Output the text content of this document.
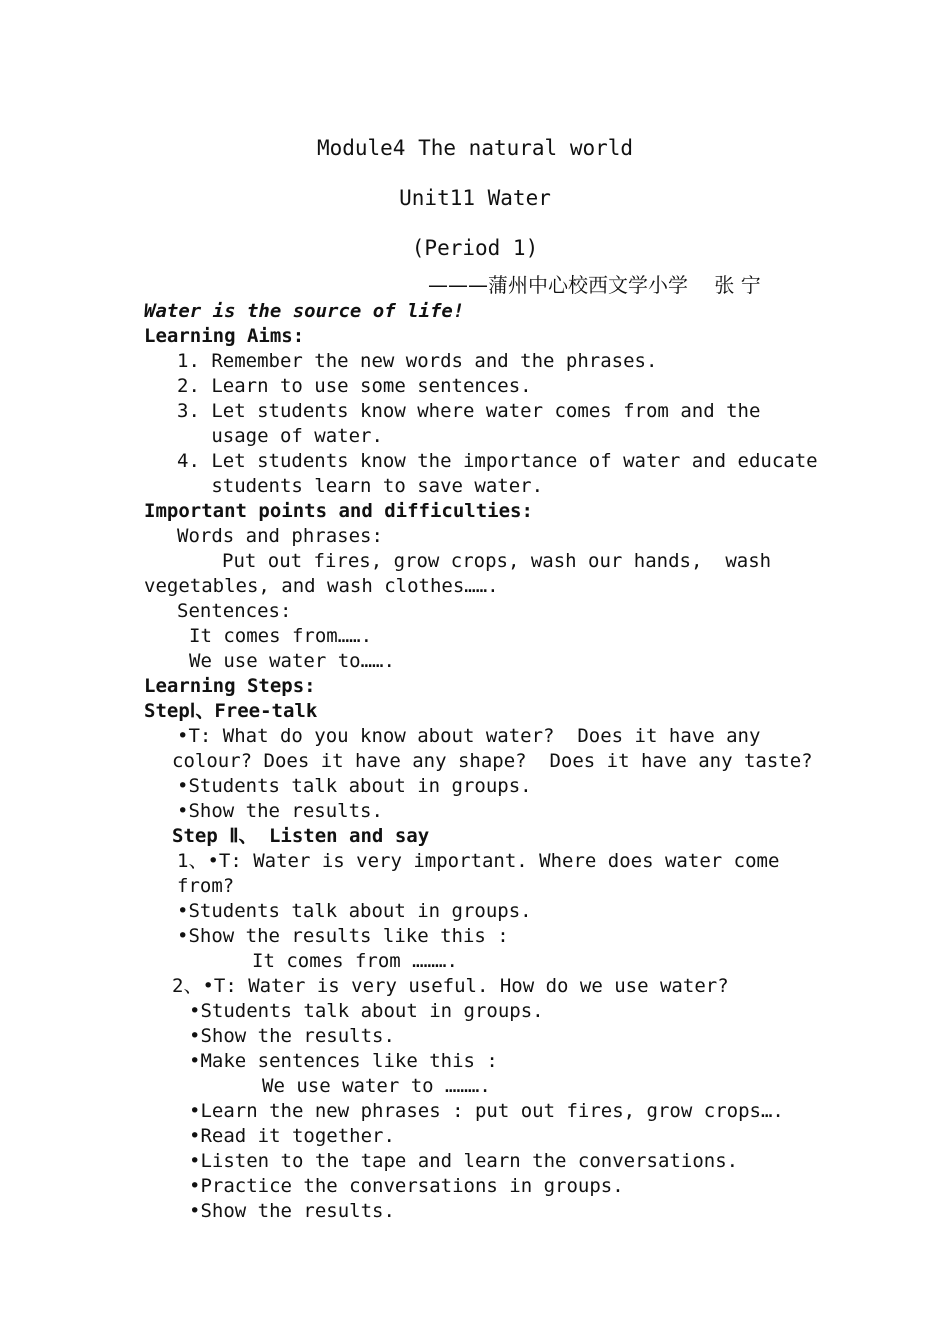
Module4 The natural world
Unit11 Water
(Period 1)
———蒲州中心校西文学小学　 张 宁
Water is the source of life!
Learning Aims:
1. Remember the new words and the phrases.
2. Learn to use some sentences.
3. Let students know where water comes from and the
usage of water.
4. Let students know the importance of water and educate
students learn to save water.
Important points and difficulties:
Words and phrases:
Put out fires, grow crops, wash our hands,  wash
vegetables, and wash clothes…….
Sentences:
It comes from…….
We use water to…….
Learning Steps:
StepⅠ、Free-talk
•T: What do you know about water?  Does it have any
colour? Does it have any shape?  Does it have any taste?
•Students talk about in groups.
•Show the results.
Step Ⅱ、 Listen and say
1、•T: Water is very important. Where does water come
from?
•Students talk about in groups.
•Show the results like this :
It comes from ……….
2、•T: Water is very useful. How do we use water?
•Students talk about in groups.
•Show the results.
•Make sentences like this :
We use water to ……….
•Learn the new phrases : put out fires, grow crops….
•Read it together.
•Listen to the tape and learn the conversations.
•Practice the conversations in groups.
•Show the results.
